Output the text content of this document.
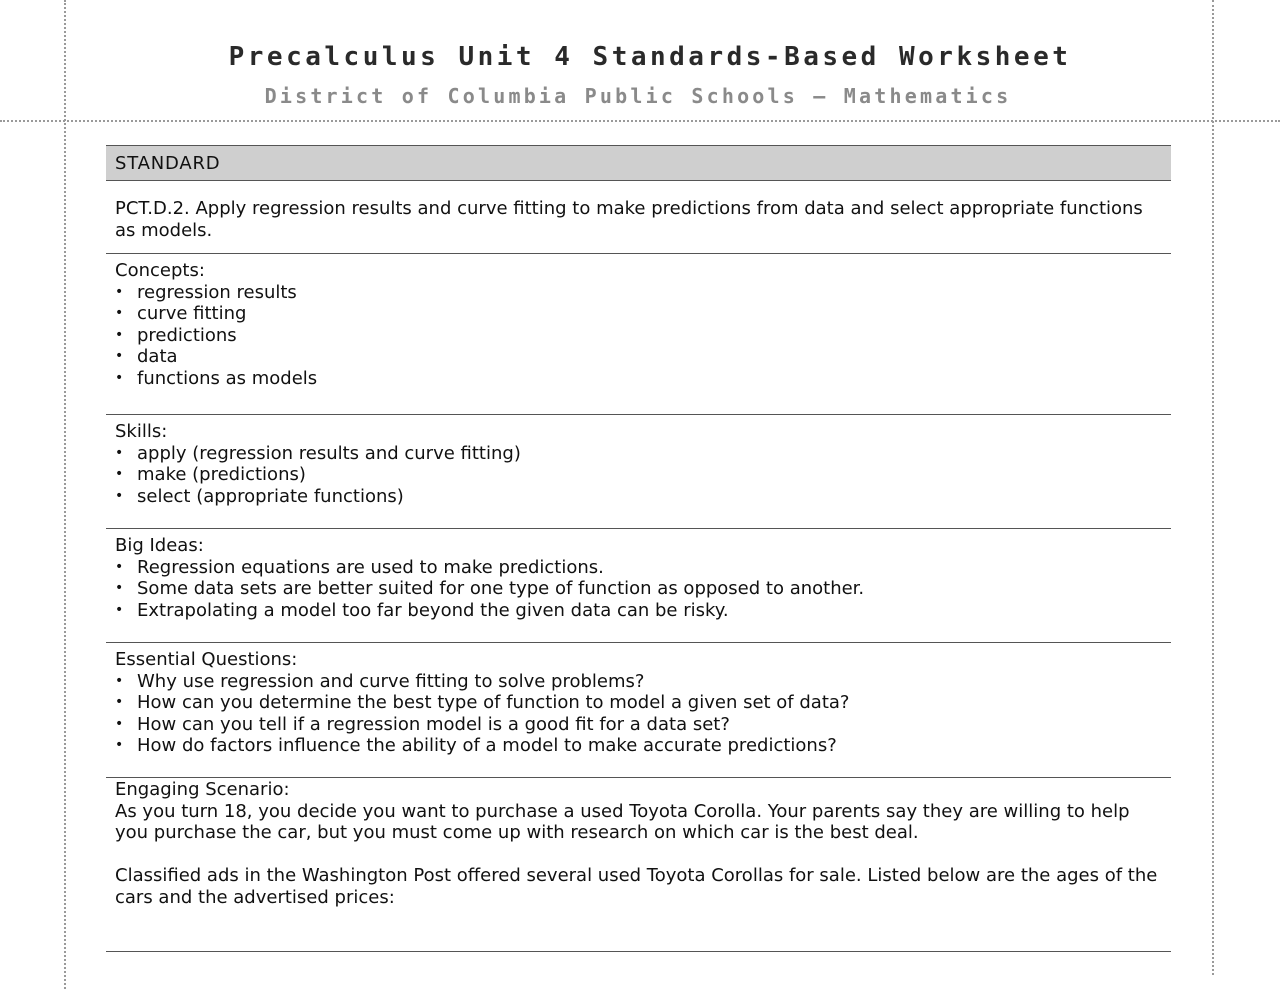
Precalculus Unit 4 Standards-Based Worksheet
District of Columbia Public Schools — Mathematics
STANDARD

PCT.D.2. Apply regression results and curve fitting to make predictions from data and select appropriate functions as models.

Concepts:

• regression results
• curve fitting
• predictions
• data
• functions as models

Skills:

• apply (regression results and curve fitting)
• make (predictions)
• select (appropriate functions)

Big Ideas:

• Regression equations are used to make predictions.
• Some data sets are better suited for one type of function as opposed to another.
• Extrapolating a model too far beyond the given data can be risky.

Essential Questions:

• Why use regression and curve fitting to solve problems?
• How can you determine the best type of function to model a given set of data?
• How can you tell if a regression model is a good fit for a data set?
• How do factors influence the ability of a model to make accurate predictions?

Engaging Scenario:

As you turn 18, you decide you want to purchase a used Toyota Corolla. Your parents say they are willing to help you purchase the car, but you must come up with research on which car is the best deal.

Classified ads in the Washington Post offered several used Toyota Corollas for sale. Listed below are the ages of the cars and the advertised prices:
